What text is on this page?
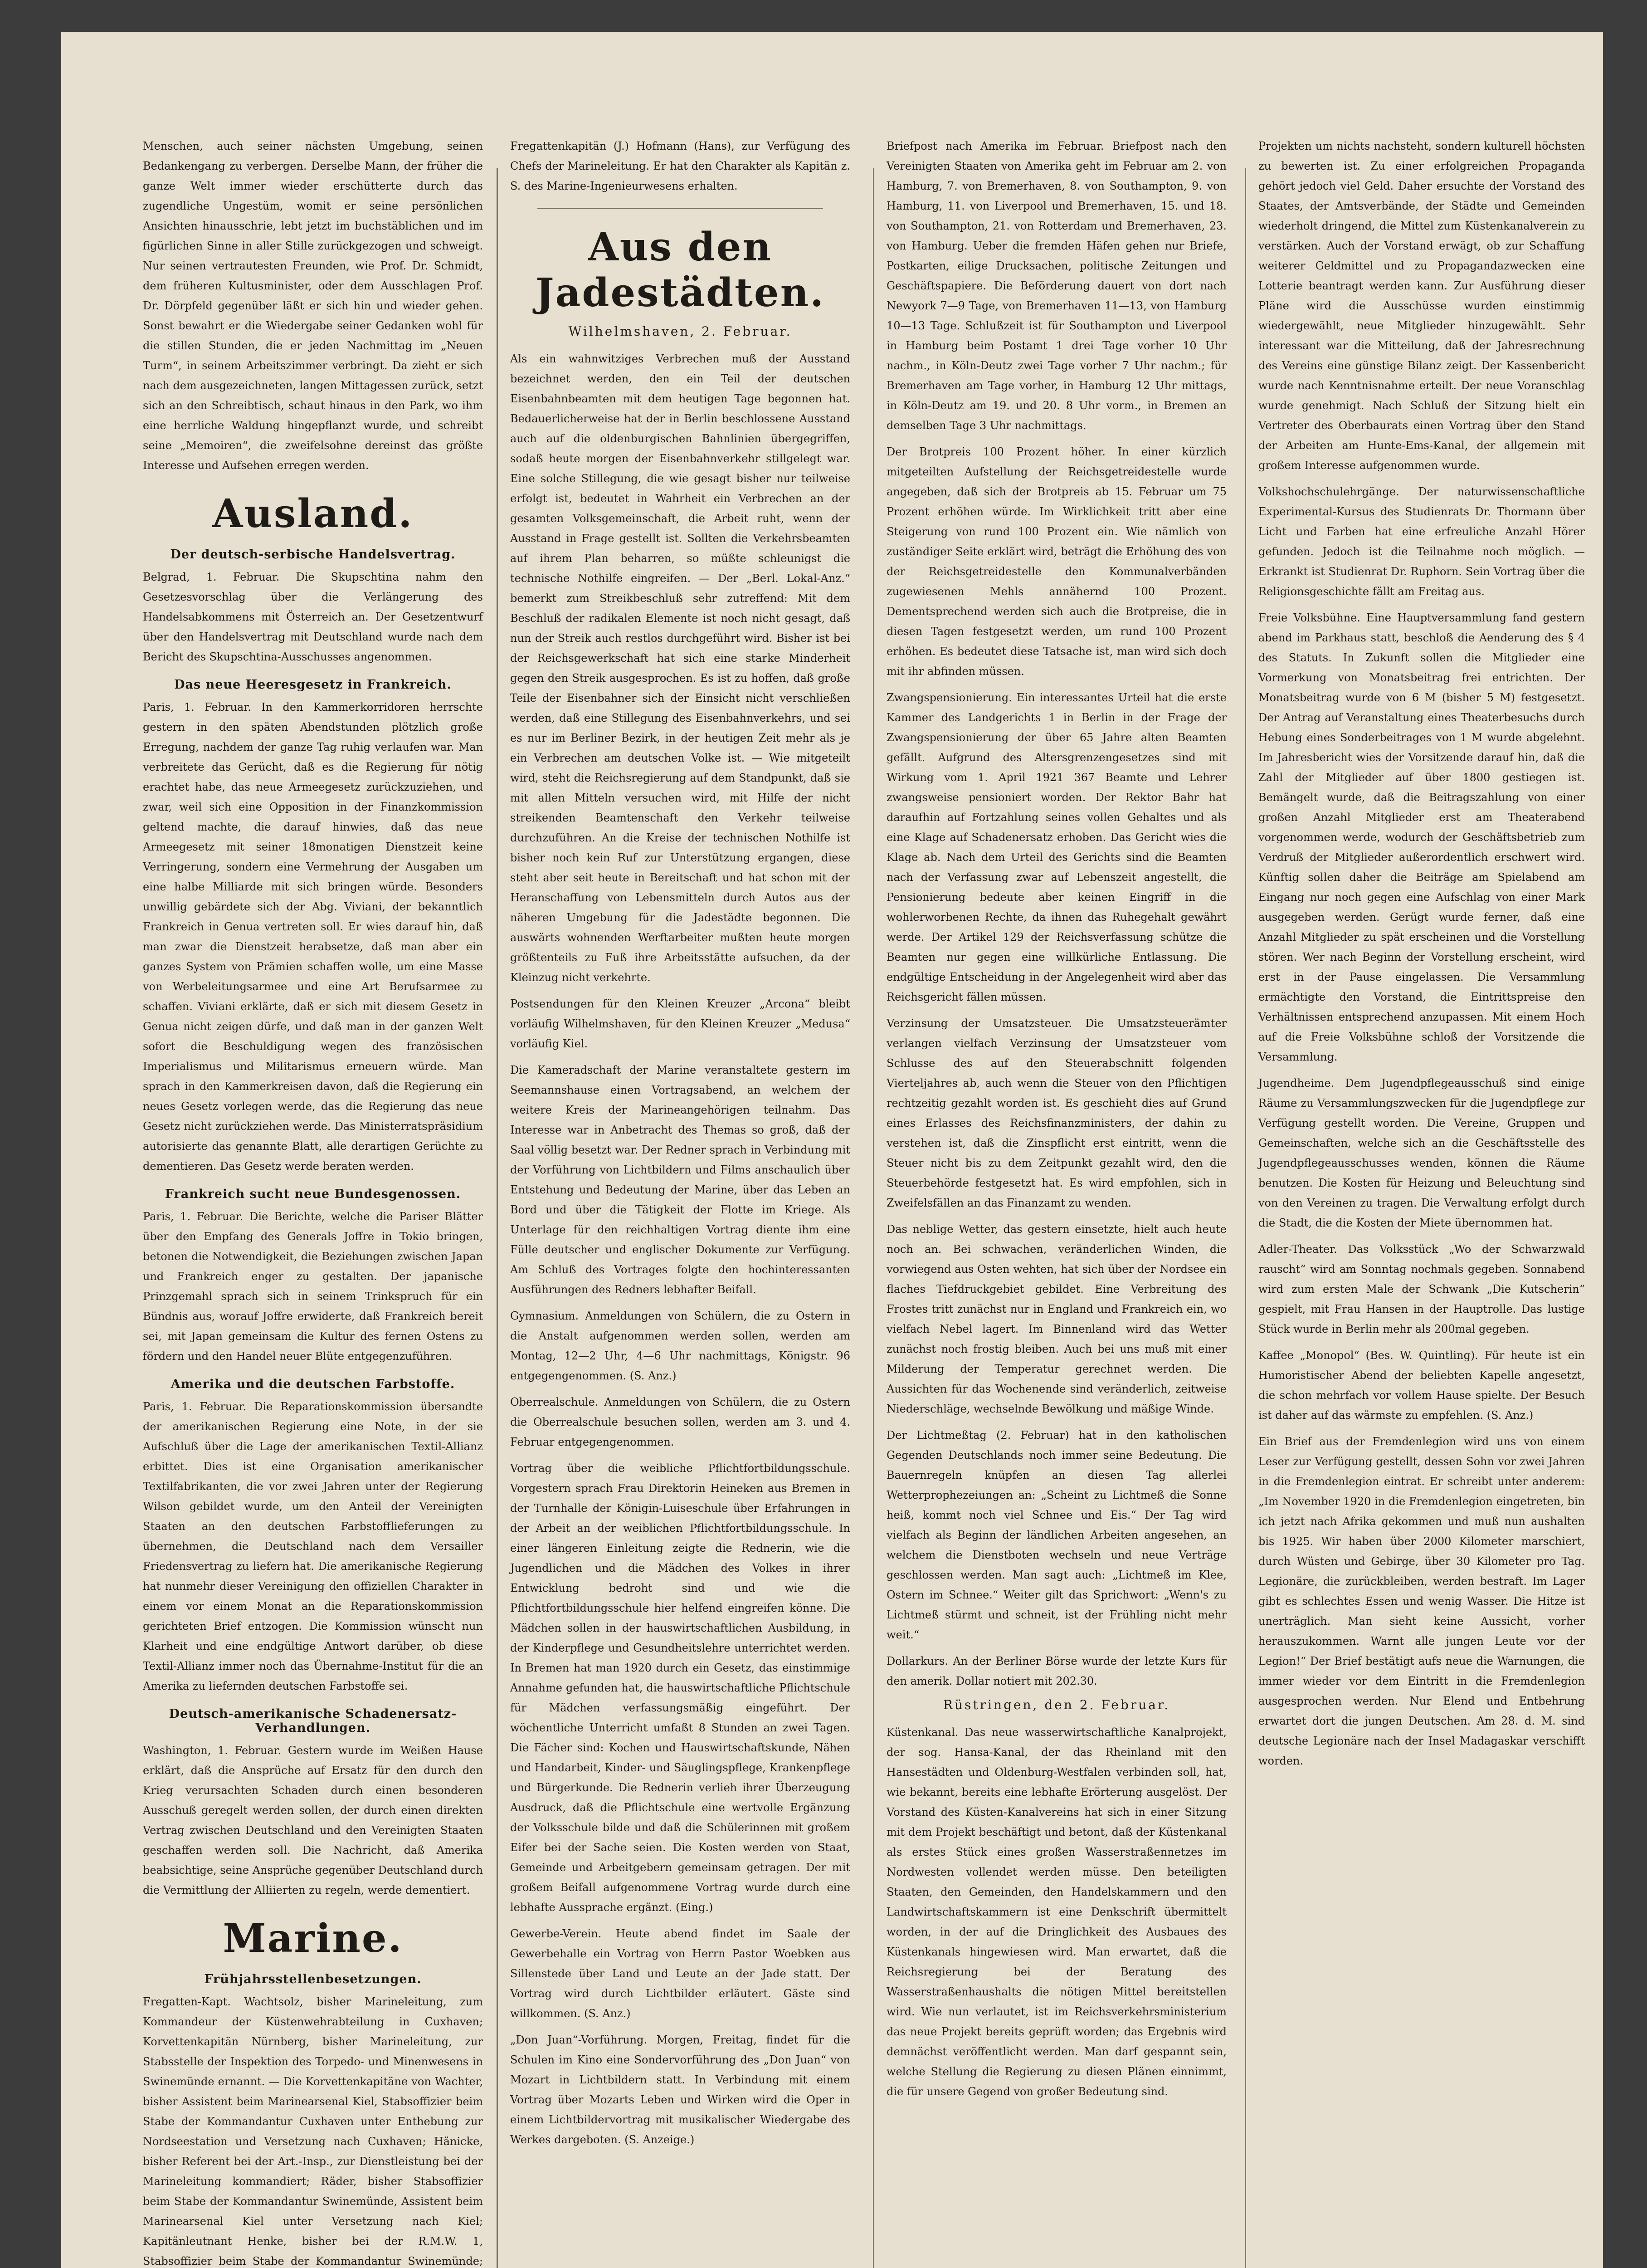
Menschen, auch seiner nächsten Umgebung, seinen Bedankengang zu verbergen. Derselbe Mann, der früher die ganze Welt immer wieder erschütterte durch das zugendliche Ungestüm, womit er seine persönlichen Ansichten hinausschrie, lebt jetzt im buchstäblichen und im figürlichen Sinne in aller Stille zurückgezogen und schweigt. Nur seinen vertrautesten Freunden, wie Prof. Dr. Schmidt, dem früheren Kultusminister, oder dem Ausschlagen Prof. Dr. Dörpfeld gegenüber läßt er sich hin und wieder gehen. Sonst bewahrt er die Wiedergabe seiner Gedanken wohl für die stillen Stunden, die er jeden Nachmittag im „Neuen Turm“, in seinem Arbeitszimmer verbringt. Da zieht er sich nach dem ausgezeichneten, langen Mittagessen zurück, setzt sich an den Schreibtisch, schaut hinaus in den Park, wo ihm eine herrliche Waldung hingepflanzt wurde, und schreibt seine „Memoiren“, die zweifelsohne dereinst das größte Interesse und Aufsehen erregen werden.

Ausland.
Der deutsch-serbische Handelsvertrag.

Belgrad, 1. Februar. Die Skupschtina nahm den Gesetzesvorschlag über die Verlängerung des Handelsabkommens mit Österreich an. Der Gesetzentwurf über den Handelsvertrag mit Deutschland wurde nach dem Bericht des Skupschtina-Ausschusses angenommen.

Das neue Heeresgesetz in Frankreich.

Paris, 1. Februar. In den Kammerkorridoren herrschte gestern in den späten Abendstunden plötzlich große Erregung, nachdem der ganze Tag ruhig verlaufen war. Man verbreitete das Gerücht, daß es die Regierung für nötig erachtet habe, das neue Armeegesetz zurückzuziehen, und zwar, weil sich eine Opposition in der Finanzkommission geltend machte, die darauf hinwies, daß das neue Armeegesetz mit seiner 18monatigen Dienstzeit keine Verringerung, sondern eine Vermehrung der Ausgaben um eine halbe Milliarde mit sich bringen würde. Besonders unwillig gebärdete sich der Abg. Viviani, der bekanntlich Frankreich in Genua vertreten soll. Er wies darauf hin, daß man zwar die Dienstzeit herabsetze, daß man aber ein ganzes System von Prämien schaffen wolle, um eine Masse von Werbeleitungsarmee und eine Art Berufsarmee zu schaffen. Viviani erklärte, daß er sich mit diesem Gesetz in Genua nicht zeigen dürfe, und daß man in der ganzen Welt sofort die Beschuldigung wegen des französischen Imperialismus und Militarismus erneuern würde. Man sprach in den Kammerkreisen davon, daß die Regierung ein neues Gesetz vorlegen werde, das die Regierung das neue Gesetz nicht zurückziehen werde. Das Ministerratspräsidium autorisierte das genannte Blatt, alle derartigen Gerüchte zu dementieren. Das Gesetz werde beraten werden.

Frankreich sucht neue Bundesgenossen.

Paris, 1. Februar. Die Berichte, welche die Pariser Blätter über den Empfang des Generals Joffre in Tokio bringen, betonen die Notwendigkeit, die Beziehungen zwischen Japan und Frankreich enger zu gestalten. Der japanische Prinzgemahl sprach sich in seinem Trinkspruch für ein Bündnis aus, worauf Joffre erwiderte, daß Frankreich bereit sei, mit Japan gemeinsam die Kultur des fernen Ostens zu fördern und den Handel neuer Blüte entgegenzuführen.

Amerika und die deutschen Farbstoffe.

Paris, 1. Februar. Die Reparationskommission übersandte der amerikanischen Regierung eine Note, in der sie Aufschluß über die Lage der amerikanischen Textil-Allianz erbittet. Dies ist eine Organisation amerikanischer Textilfabrikanten, die vor zwei Jahren unter der Regierung Wilson gebildet wurde, um den Anteil der Vereinigten Staaten an den deutschen Farbstofflieferungen zu übernehmen, die Deutschland nach dem Versailler Friedensvertrag zu liefern hat. Die amerikanische Regierung hat nunmehr dieser Vereinigung den offiziellen Charakter in einem vor einem Monat an die Reparationskommission gerichteten Brief entzogen. Die Kommission wünscht nun Klarheit und eine endgültige Antwort darüber, ob diese Textil-Allianz immer noch das Übernahme-Institut für die an Amerika zu liefernden deutschen Farbstoffe sei.

Deutsch-amerikanische Schadenersatz-Verhandlungen.

Washington, 1. Februar. Gestern wurde im Weißen Hause erklärt, daß die Ansprüche auf Ersatz für den durch den Krieg verursachten Schaden durch einen besonderen Ausschuß geregelt werden sollen, der durch einen direkten Vertrag zwischen Deutschland und den Vereinigten Staaten geschaffen werden soll. Die Nachricht, daß Amerika beabsichtige, seine Ansprüche gegenüber Deutschland durch die Vermittlung der Alliierten zu regeln, werde dementiert.

Marine.
Frühjahrsstellenbesetzungen.

Fregatten-Kapt. Wachtsolz, bisher Marineleitung, zum Kommandeur der Küstenwehrabteilung in Cuxhaven; Korvettenkapitän Nürnberg, bisher Marineleitung, zur Stabsstelle der Inspektion des Torpedo- und Minenwesens in Swinemünde ernannt. — Die Korvettenkapitäne von Wachter, bisher Assistent beim Marinearsenal Kiel, Stabsoffizier beim Stabe der Kommandantur Cuxhaven unter Enthebung zur Nordseestation und Versetzung nach Cuxhaven; Hänicke, bisher Referent bei der Art.-Insp., zur Dienstleistung bei der Marineleitung kommandiert; Räder, bisher Stabsoffizier beim Stabe der Kommandantur Swinemünde, Assistent beim Marinearsenal Kiel unter Versetzung nach Kiel; Kapitänleutnant Henke, bisher bei der R.M.W. 1, Stabsoffizier beim Stabe der Kommandantur Swinemünde;

Fregattenkapitän (J.) Hofmann (Hans), zur Verfügung des Chefs der Marineleitung. Er hat den Charakter als Kapitän z. S. des Marine-Ingenieurwesens erhalten.

Aus den Jadestädten.
Wilhelmshaven, 2. Februar.

Als ein wahnwitziges Verbrechen muß der Ausstand bezeichnet werden, den ein Teil der deutschen Eisenbahnbeamten mit dem heutigen Tage begonnen hat. Bedauerlicherweise hat der in Berlin beschlossene Ausstand auch auf die oldenburgischen Bahnlinien übergegriffen, sodaß heute morgen der Eisenbahnverkehr stillgelegt war. Eine solche Stillegung, die wie gesagt bisher nur teilweise erfolgt ist, bedeutet in Wahrheit ein Verbrechen an der gesamten Volksgemeinschaft, die Arbeit ruht, wenn der Ausstand in Frage gestellt ist. Sollten die Verkehrsbeamten auf ihrem Plan beharren, so müßte schleunigst die technische Nothilfe eingreifen. — Der „Berl. Lokal-Anz.“ bemerkt zum Streikbeschluß sehr zutreffend: Mit dem Beschluß der radikalen Elemente ist noch nicht gesagt, daß nun der Streik auch restlos durchgeführt wird. Bisher ist bei der Reichsgewerkschaft hat sich eine starke Minderheit gegen den Streik ausgesprochen. Es ist zu hoffen, daß große Teile der Eisenbahner sich der Einsicht nicht verschließen werden, daß eine Stillegung des Eisenbahnverkehrs, und sei es nur im Berliner Bezirk, in der heutigen Zeit mehr als je ein Verbrechen am deutschen Volke ist. — Wie mitgeteilt wird, steht die Reichsregierung auf dem Standpunkt, daß sie mit allen Mitteln versuchen wird, mit Hilfe der nicht streikenden Beamtenschaft den Verkehr teilweise durchzuführen. An die Kreise der technischen Nothilfe ist bisher noch kein Ruf zur Unterstützung ergangen, diese steht aber seit heute in Bereitschaft und hat schon mit der Heranschaffung von Lebensmitteln durch Autos aus der näheren Umgebung für die Jadestädte begonnen. Die auswärts wohnenden Werftarbeiter mußten heute morgen größtenteils zu Fuß ihre Arbeitsstätte aufsuchen, da der Kleinzug nicht verkehrte.

Postsendungen für den Kleinen Kreuzer „Arcona“ bleibt vorläufig Wilhelmshaven, für den Kleinen Kreuzer „Medusa“ vorläufig Kiel.

Die Kameradschaft der Marine veranstaltete gestern im Seemannshause einen Vortragsabend, an welchem der weitere Kreis der Marineangehörigen teilnahm. Das Interesse war in Anbetracht des Themas so groß, daß der Saal völlig besetzt war. Der Redner sprach in Verbindung mit der Vorführung von Lichtbildern und Films anschaulich über Entstehung und Bedeutung der Marine, über das Leben an Bord und über die Tätigkeit der Flotte im Kriege. Als Unterlage für den reichhaltigen Vortrag diente ihm eine Fülle deutscher und englischer Dokumente zur Verfügung. Am Schluß des Vortrages folgte den hochinteressanten Ausführungen des Redners lebhafter Beifall.

Gymnasium. Anmeldungen von Schülern, die zu Ostern in die Anstalt aufgenommen werden sollen, werden am Montag, 12—2 Uhr, 4—6 Uhr nachmittags, Königstr. 96 entgegengenommen. (S. Anz.)

Oberrealschule. Anmeldungen von Schülern, die zu Ostern die Oberrealschule besuchen sollen, werden am 3. und 4. Februar entgegengenommen.

Vortrag über die weibliche Pflichtfortbildungsschule. Vorgestern sprach Frau Direktorin Heineken aus Bremen in der Turnhalle der Königin-Luiseschule über Erfahrungen in der Arbeit an der weiblichen Pflichtfortbildungsschule. In einer längeren Einleitung zeigte die Rednerin, wie die Jugendlichen und die Mädchen des Volkes in ihrer Entwicklung bedroht sind und wie die Pflichtfortbildungsschule hier helfend eingreifen könne. Die Mädchen sollen in der hauswirtschaftlichen Ausbildung, in der Kinderpflege und Gesundheitslehre unterrichtet werden. In Bremen hat man 1920 durch ein Gesetz, das einstimmige Annahme gefunden hat, die hauswirtschaftliche Pflichtschule für Mädchen verfassungsmäßig eingeführt. Der wöchentliche Unterricht umfaßt 8 Stunden an zwei Tagen. Die Fächer sind: Kochen und Hauswirtschaftskunde, Nähen und Handarbeit, Kinder- und Säuglingspflege, Krankenpflege und Bürgerkunde. Die Rednerin verlieh ihrer Überzeugung Ausdruck, daß die Pflichtschule eine wertvolle Ergänzung der Volksschule bilde und daß die Schülerinnen mit großem Eifer bei der Sache seien. Die Kosten werden von Staat, Gemeinde und Arbeitgebern gemeinsam getragen. Der mit großem Beifall aufgenommene Vortrag wurde durch eine lebhafte Aussprache ergänzt. (Eing.)

Gewerbe-Verein. Heute abend findet im Saale der Gewerbehalle ein Vortrag von Herrn Pastor Woebken aus Sillenstede über Land und Leute an der Jade statt. Der Vortrag wird durch Lichtbilder erläutert. Gäste sind willkommen. (S. Anz.)

„Don Juan“-Vorführung. Morgen, Freitag, findet für die Schulen im Kino eine Sondervorführung des „Don Juan“ von Mozart in Lichtbildern statt. In Verbindung mit einem Vortrag über Mozarts Leben und Wirken wird die Oper in einem Lichtbildervortrag mit musikalischer Wiedergabe des Werkes dargeboten. (S. Anzeige.)

Briefpost nach Amerika im Februar. Briefpost nach den Vereinigten Staaten von Amerika geht im Februar am 2. von Hamburg, 7. von Bremerhaven, 8. von Southampton, 9. von Hamburg, 11. von Liverpool und Bremerhaven, 15. und 18. von Southampton, 21. von Rotterdam und Bremerhaven, 23. von Hamburg. Ueber die fremden Häfen gehen nur Briefe, Postkarten, eilige Drucksachen, politische Zeitungen und Geschäftspapiere. Die Beförderung dauert von dort nach Newyork 7—9 Tage, von Bremerhaven 11—13, von Hamburg 10—13 Tage. Schlußzeit ist für Southampton und Liverpool in Hamburg beim Postamt 1 drei Tage vorher 10 Uhr nachm., in Köln-Deutz zwei Tage vorher 7 Uhr nachm.; für Bremerhaven am Tage vorher, in Hamburg 12 Uhr mittags, in Köln-Deutz am 19. und 20. 8 Uhr vorm., in Bremen an demselben Tage 3 Uhr nachmittags.

Der Brotpreis 100 Prozent höher. In einer kürzlich mitgeteilten Aufstellung der Reichsgetreidestelle wurde angegeben, daß sich der Brotpreis ab 15. Februar um 75 Prozent erhöhen würde. Im Wirklichkeit tritt aber eine Steigerung von rund 100 Prozent ein. Wie nämlich von zuständiger Seite erklärt wird, beträgt die Erhöhung des von der Reichsgetreidestelle den Kommunalverbänden zugewiesenen Mehls annähernd 100 Prozent. Dementsprechend werden sich auch die Brotpreise, die in diesen Tagen festgesetzt werden, um rund 100 Prozent erhöhen. Es bedeutet diese Tatsache ist, man wird sich doch mit ihr abfinden müssen.

Zwangspensionierung. Ein interessantes Urteil hat die erste Kammer des Landgerichts 1 in Berlin in der Frage der Zwangspensionierung der über 65 Jahre alten Beamten gefällt. Aufgrund des Altersgrenzengesetzes sind mit Wirkung vom 1. April 1921 367 Beamte und Lehrer zwangsweise pensioniert worden. Der Rektor Bahr hat daraufhin auf Fortzahlung seines vollen Gehaltes und als eine Klage auf Schadenersatz erhoben. Das Gericht wies die Klage ab. Nach dem Urteil des Gerichts sind die Beamten nach der Verfassung zwar auf Lebenszeit angestellt, die Pensionierung bedeute aber keinen Eingriff in die wohlerworbenen Rechte, da ihnen das Ruhegehalt gewährt werde. Der Artikel 129 der Reichsverfassung schütze die Beamten nur gegen eine willkürliche Entlassung. Die endgültige Entscheidung in der Angelegenheit wird aber das Reichsgericht fällen müssen.

Verzinsung der Umsatzsteuer. Die Umsatzsteuerämter verlangen vielfach Verzinsung der Umsatzsteuer vom Schlusse des auf den Steuerabschnitt folgenden Vierteljahres ab, auch wenn die Steuer von den Pflichtigen rechtzeitig gezahlt worden ist. Es geschieht dies auf Grund eines Erlasses des Reichsfinanzministers, der dahin zu verstehen ist, daß die Zinspflicht erst eintritt, wenn die Steuer nicht bis zu dem Zeitpunkt gezahlt wird, den die Steuerbehörde festgesetzt hat. Es wird empfohlen, sich in Zweifelsfällen an das Finanzamt zu wenden.

Das neblige Wetter, das gestern einsetzte, hielt auch heute noch an. Bei schwachen, veränderlichen Winden, die vorwiegend aus Osten wehten, hat sich über der Nordsee ein flaches Tiefdruckgebiet gebildet. Eine Verbreitung des Frostes tritt zunächst nur in England und Frankreich ein, wo vielfach Nebel lagert. Im Binnenland wird das Wetter zunächst noch frostig bleiben. Auch bei uns muß mit einer Milderung der Temperatur gerechnet werden. Die Aussichten für das Wochenende sind veränderlich, zeitweise Niederschläge, wechselnde Bewölkung und mäßige Winde.

Der Lichtmeßtag (2. Februar) hat in den katholischen Gegenden Deutschlands noch immer seine Bedeutung. Die Bauernregeln knüpfen an diesen Tag allerlei Wetterprophezeiungen an: „Scheint zu Lichtmeß die Sonne heiß, kommt noch viel Schnee und Eis.“ Der Tag wird vielfach als Beginn der ländlichen Arbeiten angesehen, an welchem die Dienstboten wechseln und neue Verträge geschlossen werden. Man sagt auch: „Lichtmeß im Klee, Ostern im Schnee.“ Weiter gilt das Sprichwort: „Wenn's zu Lichtmeß stürmt und schneit, ist der Frühling nicht mehr weit.“

Dollarkurs. An der Berliner Börse wurde der letzte Kurs für den amerik. Dollar notiert mit 202.30.

Rüstringen, den 2. Februar.

Küstenkanal. Das neue wasserwirtschaftliche Kanalprojekt, der sog. Hansa-Kanal, der das Rheinland mit den Hansestädten und Oldenburg-Westfalen verbinden soll, hat, wie bekannt, bereits eine lebhafte Erörterung ausgelöst. Der Vorstand des Küsten-Kanalvereins hat sich in einer Sitzung mit dem Projekt beschäftigt und betont, daß der Küstenkanal als erstes Stück eines großen Wasserstraßennetzes im Nordwesten vollendet werden müsse. Den beteiligten Staaten, den Gemeinden, den Handelskammern und den Landwirtschaftskammern ist eine Denkschrift übermittelt worden, in der auf die Dringlichkeit des Ausbaues des Küstenkanals hingewiesen wird. Man erwartet, daß die Reichsregierung bei der Beratung des Wasserstraßenhaushalts die nötigen Mittel bereitstellen wird. Wie nun verlautet, ist im Reichsverkehrsministerium das neue Projekt bereits geprüft worden; das Ergebnis wird demnächst veröffentlicht werden. Man darf gespannt sein, welche Stellung die Regierung zu diesen Plänen einnimmt, die für unsere Gegend von großer Bedeutung sind.

Projekten um nichts nachsteht, sondern kulturell höchsten zu bewerten ist. Zu einer erfolgreichen Propaganda gehört jedoch viel Geld. Daher ersuchte der Vorstand des Staates, der Amtsverbände, der Städte und Gemeinden wiederholt dringend, die Mittel zum Küstenkanalverein zu verstärken. Auch der Vorstand erwägt, ob zur Schaffung weiterer Geldmittel und zu Propagandazwecken eine Lotterie beantragt werden kann. Zur Ausführung dieser Pläne wird die Ausschüsse wurden einstimmig wiedergewählt, neue Mitglieder hinzugewählt. Sehr interessant war die Mitteilung, daß der Jahresrechnung des Vereins eine günstige Bilanz zeigt. Der Kassenbericht wurde nach Kenntnisnahme erteilt. Der neue Voranschlag wurde genehmigt. Nach Schluß der Sitzung hielt ein Vertreter des Oberbaurats einen Vortrag über den Stand der Arbeiten am Hunte-Ems-Kanal, der allgemein mit großem Interesse aufgenommen wurde.

Volkshochschulehrgänge. Der naturwissenschaftliche Experimental-Kursus des Studienrats Dr. Thormann über Licht und Farben hat eine erfreuliche Anzahl Hörer gefunden. Jedoch ist die Teilnahme noch möglich. — Erkrankt ist Studienrat Dr. Ruphorn. Sein Vortrag über die Religionsgeschichte fällt am Freitag aus.

Freie Volksbühne. Eine Hauptversammlung fand gestern abend im Parkhaus statt, beschloß die Aenderung des § 4 des Statuts. In Zukunft sollen die Mitglieder eine Vormerkung von Monatsbeitrag frei entrichten. Der Monatsbeitrag wurde von 6 M (bisher 5 M) festgesetzt. Der Antrag auf Veranstaltung eines Theaterbesuchs durch Hebung eines Sonderbeitrages von 1 M wurde abgelehnt. Im Jahresbericht wies der Vorsitzende darauf hin, daß die Zahl der Mitglieder auf über 1800 gestiegen ist. Bemängelt wurde, daß die Beitragszahlung von einer großen Anzahl Mitglieder erst am Theaterabend vorgenommen werde, wodurch der Geschäftsbetrieb zum Verdruß der Mitglieder außerordentlich erschwert wird. Künftig sollen daher die Beiträge am Spielabend am Eingang nur noch gegen eine Aufschlag von einer Mark ausgegeben werden. Gerügt wurde ferner, daß eine Anzahl Mitglieder zu spät erscheinen und die Vorstellung stören. Wer nach Beginn der Vorstellung erscheint, wird erst in der Pause eingelassen. Die Versammlung ermächtigte den Vorstand, die Eintrittspreise den Verhältnissen entsprechend anzupassen. Mit einem Hoch auf die Freie Volksbühne schloß der Vorsitzende die Versammlung.

Jugendheime. Dem Jugendpflegeausschuß sind einige Räume zu Versammlungszwecken für die Jugendpflege zur Verfügung gestellt worden. Die Vereine, Gruppen und Gemeinschaften, welche sich an die Geschäftsstelle des Jugendpflegeausschusses wenden, können die Räume benutzen. Die Kosten für Heizung und Beleuchtung sind von den Vereinen zu tragen. Die Verwaltung erfolgt durch die Stadt, die die Kosten der Miete übernommen hat.

Adler-Theater. Das Volksstück „Wo der Schwarzwald rauscht“ wird am Sonntag nochmals gegeben. Sonnabend wird zum ersten Male der Schwank „Die Kutscherin“ gespielt, mit Frau Hansen in der Hauptrolle. Das lustige Stück wurde in Berlin mehr als 200mal gegeben.

Kaffee „Monopol“ (Bes. W. Quintling). Für heute ist ein Humoristischer Abend der beliebten Kapelle angesetzt, die schon mehrfach vor vollem Hause spielte. Der Besuch ist daher auf das wärmste zu empfehlen. (S. Anz.)

Ein Brief aus der Fremdenlegion wird uns von einem Leser zur Verfügung gestellt, dessen Sohn vor zwei Jahren in die Fremdenlegion eintrat. Er schreibt unter anderem: „Im November 1920 in die Fremdenlegion eingetreten, bin ich jetzt nach Afrika gekommen und muß nun aushalten bis 1925. Wir haben über 2000 Kilometer marschiert, durch Wüsten und Gebirge, über 30 Kilometer pro Tag. Legionäre, die zurückbleiben, werden bestraft. Im Lager gibt es schlechtes Essen und wenig Wasser. Die Hitze ist unerträglich. Man sieht keine Aussicht, vorher herauszukommen. Warnt alle jungen Leute vor der Legion!“ Der Brief bestätigt aufs neue die Warnungen, die immer wieder vor dem Eintritt in die Fremdenlegion ausgesprochen werden. Nur Elend und Entbehrung erwartet dort die jungen Deutschen. Am 28. d. M. sind deutsche Legionäre nach der Insel Madagaskar verschifft worden.
